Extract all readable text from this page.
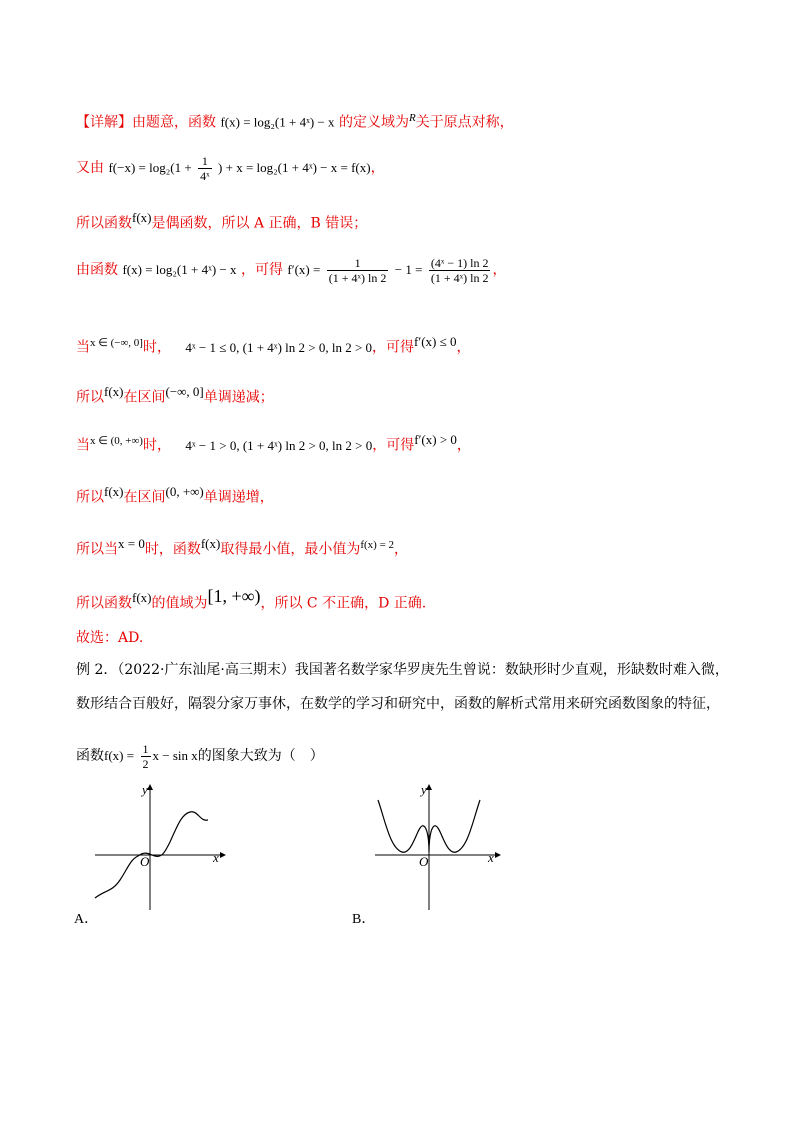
【详解】由题意，函数 f(x) = log₂(1 + 4ˣ) − x 的定义域为$^R$关于原点对称，
又由 $f(-x) = \log_2(1 + \frac{1}{\text{4ˣ}}$ ) + x = log₂(1 + 4ˣ) − x = f(x)，
所以函数f(x)是偶函数，所以 A 正确，B 错误；
由函数 f(x) = log₂(1 + 4ˣ) − x ，可得 $f'(x) = \frac{1}{\text{(1 + 4ˣ) ln 2}} - 1 = \frac{\text{(4ˣ − 1) ln 2}}{\text{(1 + 4ˣ) ln 2}}$ ，
当$^{x \in (-\infty, 0]}$时， 4ˣ − 1 ≤ 0, (1 + 4ˣ) ln 2 > 0, ln 2 > 0，可得f′(x) ≤ 0，
所以f(x)在区间(−∞, 0]单调递减；
当$^{x \in (0, +\infty)}$时， 4ˣ − 1 > 0, (1 + 4ˣ) ln 2 > 0, ln 2 > 0，可得f′(x) > 0，
所以f(x)在区间(0, +∞)单调递增，
所以当x = 0时，函数f(x)取得最小值，最小值为$^{f(x) = 2}$，
所以函数f(x)的值域为[1, +∞)，所以 C 不正确，D 正确.
故选：AD.
例 2．（2022·广东汕尾·高三期末）我国著名数学家华罗庚先生曾说：数缺形时少直观，形缺数时难入微，
数形结合百般好，隔裂分家万事休，在数学的学习和研究中，函数的解析式常用来研究函数图象的特征，
函数$f(x) = \frac{1}{2}$ x − sin x的图象大致为（　）
y
x
O
A．
y
x
O
B．
